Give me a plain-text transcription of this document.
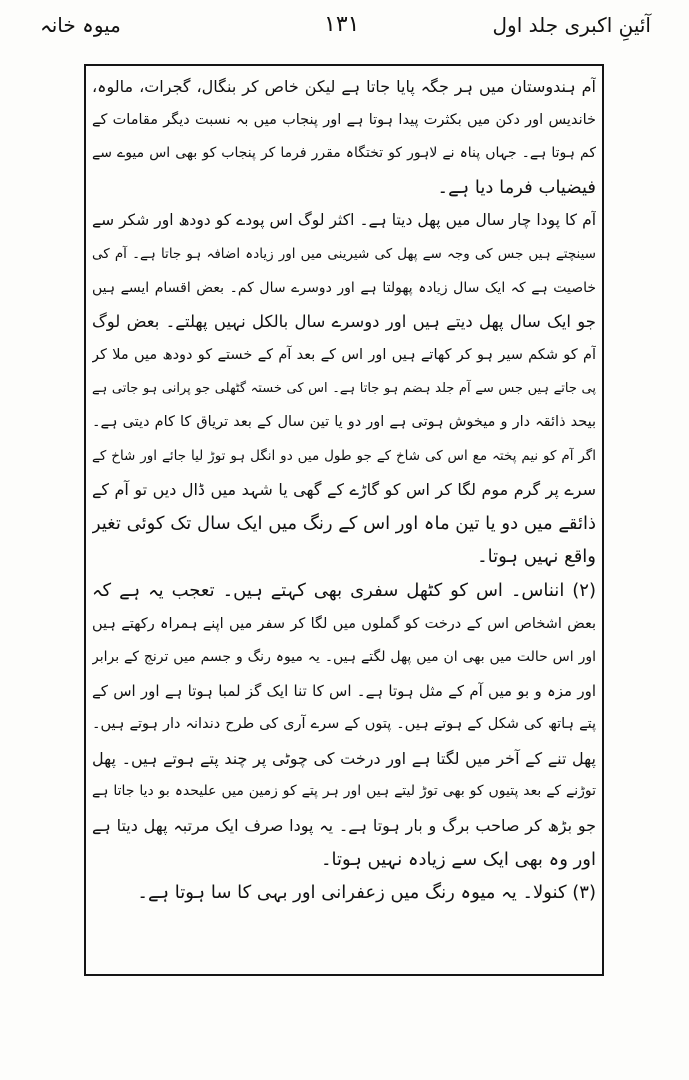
آئینِ اکبری جلد اول
۱۳۱
میوہ خانہ
آم ہندوستان میں ہر جگہ پایا جاتا ہے لیکن خاص کر بنگال، گجرات، مالوہ،
خاندیس اور دکن میں بکثرت پیدا ہوتا ہے اور پنجاب میں بہ نسبت دیگر مقامات کے
کم ہوتا ہے۔ جہاں پناہ نے لاہور کو تختگاہ مقرر فرما کر پنجاب کو بھی اس میوے سے
فیضیاب فرما دیا ہے۔
آم کا پودا چار سال میں پھل دیتا ہے۔ اکثر لوگ اس پودے کو دودھ اور شکر سے
سینچتے ہیں جس کی وجہ سے پھل کی شیرینی میں اور زیادہ اضافہ ہو جاتا ہے۔ آم کی
خاصیت ہے کہ ایک سال زیادہ پھولتا ہے اور دوسرے سال کم۔ بعض اقسام ایسے ہیں
جو ایک سال پھل دیتے ہیں اور دوسرے سال بالکل نہیں پھلتے۔ بعض لوگ
آم کو شکم سیر ہو کر کھاتے ہیں اور اس کے بعد آم کے خستے کو دودھ میں ملا کر
پی جاتے ہیں جس سے آم جلد ہضم ہو جاتا ہے۔ اس کی خستہ گٹھلی جو پرانی ہو جاتی ہے
بیحد ذائقہ دار و میخوش ہوتی ہے اور دو یا تین سال کے بعد تریاق کا کام دیتی ہے۔
اگر آم کو نیم پختہ مع اس کی شاخ کے جو طول میں دو انگل ہو توڑ لیا جائے اور شاخ کے
سرے پر گرم موم لگا کر اس کو گاڑے کے گھی یا شہد میں ڈال دیں تو آم کے
ذائقے میں دو یا تین ماہ اور اس کے رنگ میں ایک سال تک کوئی تغیر
واقع نہیں ہوتا۔
(۲) انناس۔ اس کو کٹھل سفری بھی کہتے ہیں۔ تعجب یہ ہے کہ
بعض اشخاص اس کے درخت کو گملوں میں لگا کر سفر میں اپنے ہمراہ رکھتے ہیں
اور اس حالت میں بھی ان میں پھل لگتے ہیں۔ یہ میوہ رنگ و جسم میں ترنج کے برابر
اور مزہ و بو میں آم کے مثل ہوتا ہے۔ اس کا تنا ایک گز لمبا ہوتا ہے اور اس کے
پتے ہاتھ کی شکل کے ہوتے ہیں۔ پتوں کے سرے آری کی طرح دندانہ دار ہوتے ہیں۔
پھل تنے کے آخر میں لگتا ہے اور درخت کی چوٹی پر چند پتے ہوتے ہیں۔ پھل
توڑنے کے بعد پتیوں کو بھی توڑ لیتے ہیں اور ہر پتے کو زمین میں علیحدہ بو دیا جاتا ہے
جو بڑھ کر صاحب برگ و بار ہوتا ہے۔ یہ پودا صرف ایک مرتبہ پھل دیتا ہے
اور وہ بھی ایک سے زیادہ نہیں ہوتا۔
(۳) کنولا۔ یہ میوہ رنگ میں زعفرانی اور بہی کا سا ہوتا ہے۔
